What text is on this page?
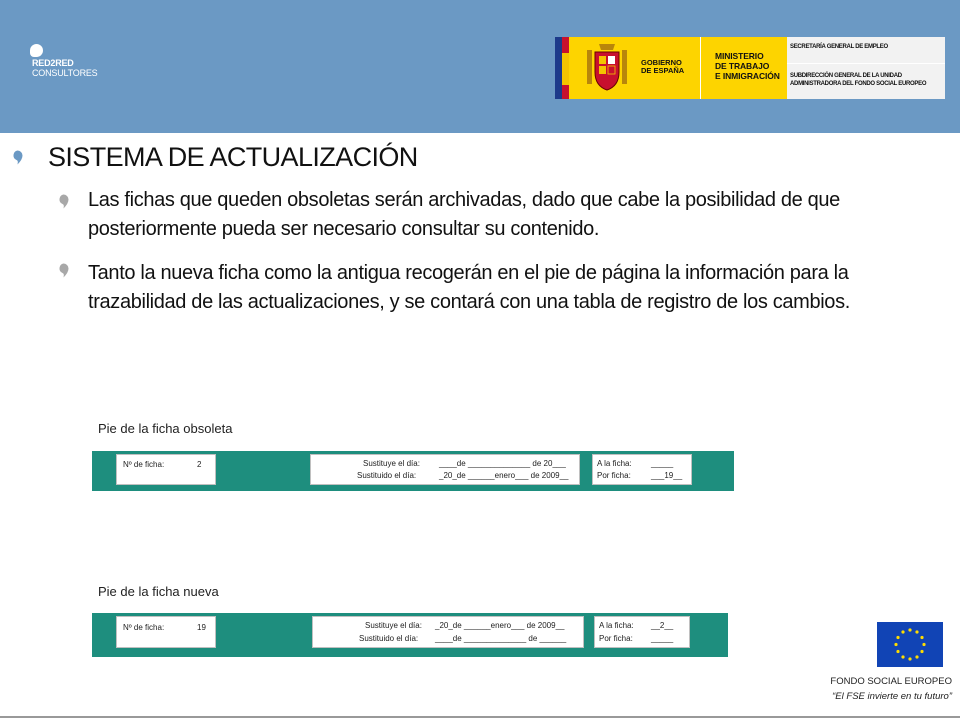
RED2RED
CONSULTORES
GOBIERNO
DE ESPAÑA
MINISTERIO
DE TRABAJO
E INMIGRACIÓN
SECRETARÍA GENERAL DE EMPLEO
SUBDIRECCIÓN GENERAL DE LA UNIDAD
ADMINISTRADORA DEL FONDO SOCIAL EUROPEO
SISTEMA DE ACTUALIZACIÓN
Las fichas que queden obsoletas serán archivadas, dado que cabe la posibilidad de que posteriormente pueda ser necesario consultar su contenido.
Tanto la nueva ficha como la antigua recogerán en el pie de página la información para la trazabilidad de las actualizaciones, y se contará con una tabla de registro de los cambios.
Pie de la ficha obsoleta
Nº de ficha:	2	Sustituye el día: ____de ______________ de 20___
Sustituido el día:	_20_de ______enero___ de 2009__
A la ficha: _____
Por ficha:	___19__
Pie de la ficha nueva
Nº de ficha:	19	Sustituye el día: _20_de ______enero___ de 2009__
Sustituido el día: ____de ______________ de ______
A la ficha: __2__
Por ficha: _____
FONDO SOCIAL EUROPEO
“El FSE invierte en tu futuro”
